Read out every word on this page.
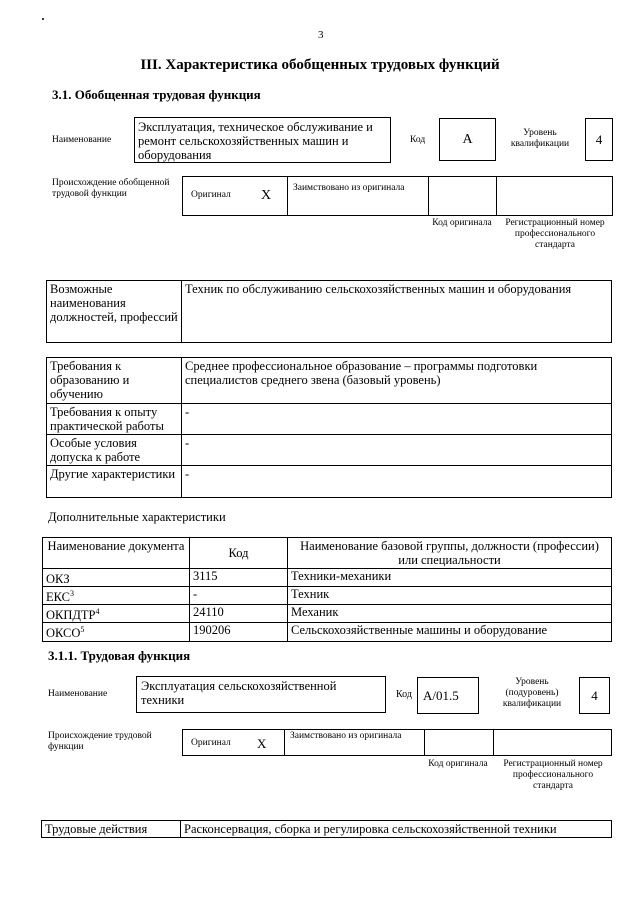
3
III. Характеристика обобщенных трудовых функций
3.1. Обобщенная трудовая функция
Наименование
Эксплуатация, техническое обслуживание и ремонт сельскохозяйственных машин и оборудования
Код	А	Уровень квалификации	4
Происхождение обобщенной трудовой функции	Оригинал X Заимствовано из оригинала
Код оригинала	Регистрационный номер профессионального стандарта
Возможные наименования должностей, профессий	Техник по обслуживанию сельскохозяйственных машин и оборудования
Требования к образованию и обучению	Среднее профессиональное образование – программы подготовки специалистов среднего звена (базовый уровень)
Требования к опыту практической работы	-
Особые условия допуска к работе	-
Другие характеристики	-
Дополнительные характеристики
Наименование документа	Код	Наименование базовой группы, должности (профессии) или специальности
ОКЗ	3115	Техники-механики
ЕКС$^3$	-	Техник
ОКПДТР$^4$	24110	Механик
ОКСО$^5$	190206	Сельскохозяйственные машины и оборудование
3.1.1. Трудовая функция
Наименование
Эксплуатация сельскохозяйственной техники	Код А/01.5
Уровень (подуровень) квалификации
4
Происхождение трудовой функции	Оригинал Х Заимствовано из оригинала
Код оригинала	Регистрационный номер профессионального стандарта
Трудовые действия	Расконсервация, сборка и регулировка сельскохозяйственной техники
